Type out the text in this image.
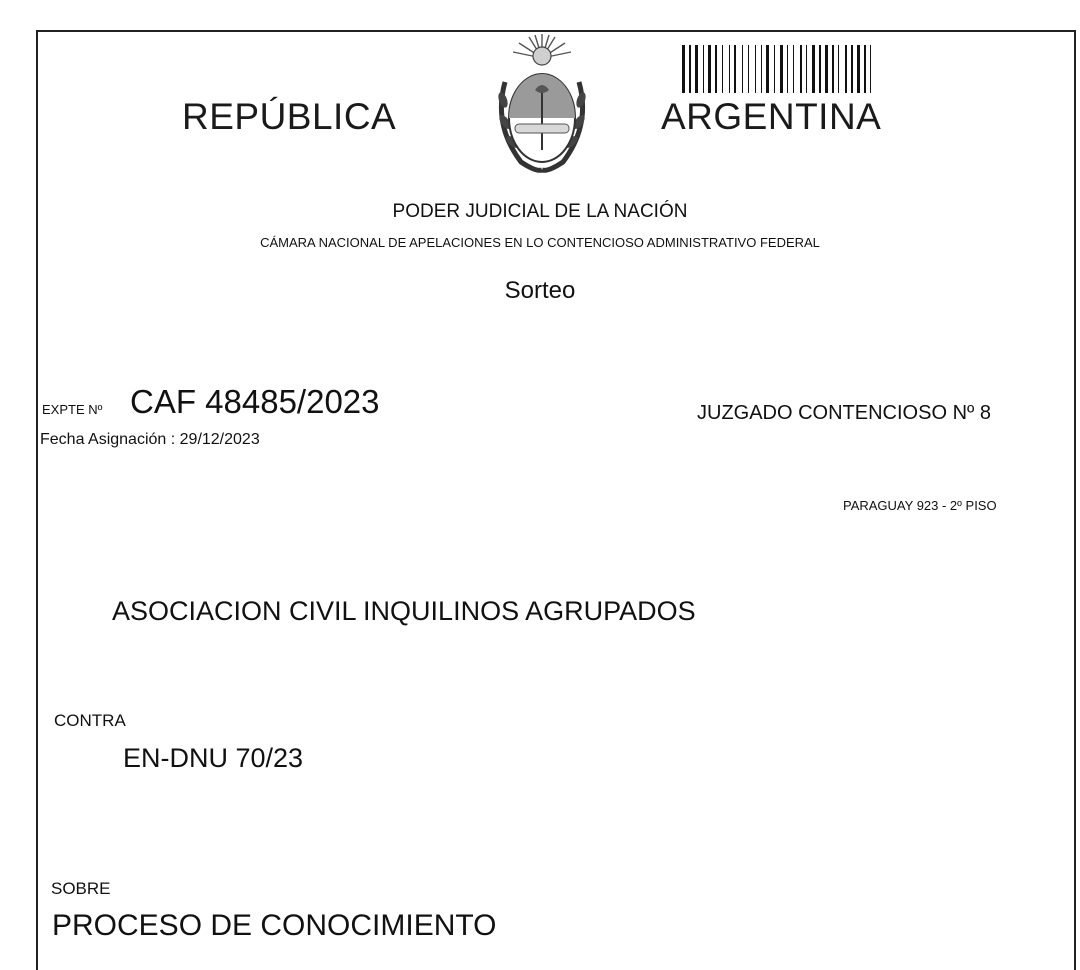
REPÚBLICA	ARGENTINA
PODER JUDICIAL DE LA NACIÓN
CÁMARA NACIONAL DE APELACIONES EN LO CONTENCIOSO ADMINISTRATIVO FEDERAL
Sorteo
EXPTE Nº CAF 48485/2023
Fecha Asignación : 29/12/2023
JUZGADO CONTENCIOSO Nº 8
PARAGUAY 923 - 2º PISO
ASOCIACION CIVIL INQUILINOS AGRUPADOS
CONTRA
EN-DNU 70/23
SOBRE
PROCESO DE CONOCIMIENTO
